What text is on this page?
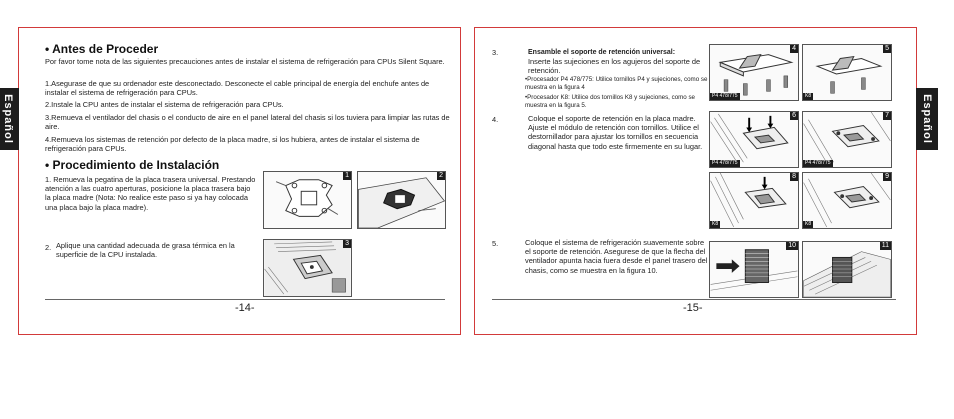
Español
• Antes de Proceder
Por favor tome nota de las siguientes precauciones antes de instalar el sistema de refrigeración para CPUs Silent Square.
1.Asegurase de que su ordenador este desconectado. Desconecte el cable principal de energía del enchufe antes de instalar el sistema de refrigeración para CPUs.
2.Instale la CPU antes de instalar el sistema de refrigeración para CPUs.
3.Remueva el ventilador del chasis o el conducto de aire en el panel lateral del chasis si los tuviera para limpiar las rutas de aire.
4.Remueva los sistemas de retención por defecto de la placa madre, si los hubiera, antes de instalar el sistema de refrigeración para CPUs.
• Procedimiento de Instalación
1. Remueva la pegatina de la placa trasera universal. Prestando atención a las cuatro aperturas, posicione la placa trasera bajo la placa madre (Nota: No realice este paso si ya hay colocada una placa bajo la placa madre).
2. Aplique una cantidad adecuada de grasa térmica en la superficie de la CPU instalada.
1	2
3
-14-
Español
3.	Ensamble el soporte de retención universal:
Inserte las sujeciones en los agujeros del soporte de retención.
•Procesador P4 478/775: Utilice tornillos P4 y sujeciones, como se muestra en la figura 4
•Procesador K8: Utilice dos tornillos K8 y sujeciones, como se muestra en la figura 5.
4.	Coloque el soporte de retención en la placa madre. Ajuste el módulo de retención con tornillos. Utilice el destornillador para ajustar los tornillos en secuencia diagonal hasta que todo este firmemente en su lugar.
5.	Coloque el sistema de refrigeración suavemente sobre el soporte de retención. Asegurese de que la flecha del ventilador apunta hacia fuera desde el panel trasero del chasis, como se muestra en la figura 10.
4
P4 478/775
5
K8
6
P4 478/775
7
P4 478/775
8
K8
9
K8
10	11
-15-
